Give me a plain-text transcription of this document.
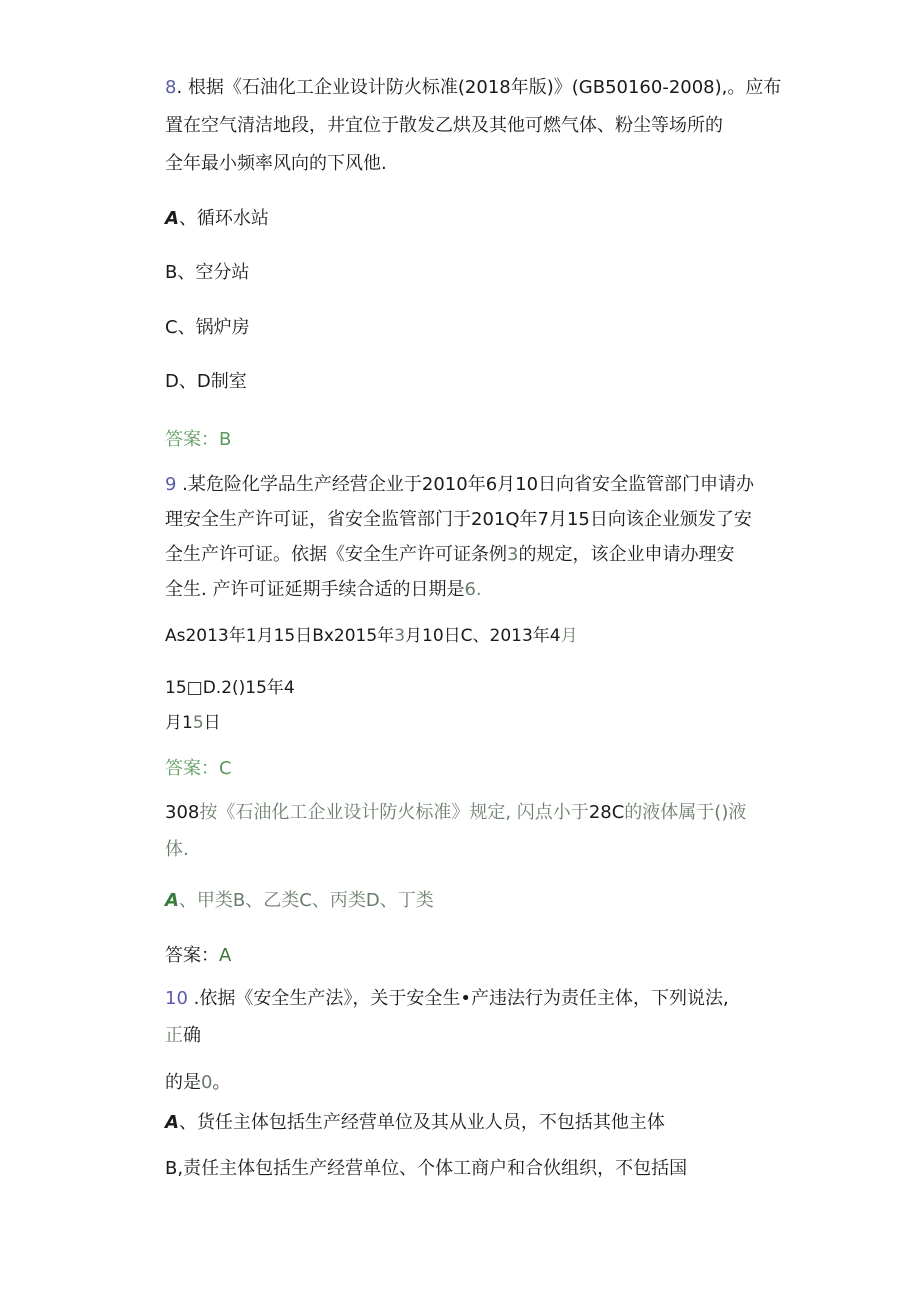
8. 根据《石油化工企业设计防火标准(2018年版)》(GB50160-2008),。应布
置在空气清洁地段，井宜位于散发乙烘及其他可燃气体、粉尘等场所的
全年最小频率风向的下风他.
A、循环水站
B、空分站
C、锅炉房
D、D制室
答案：B
9 .某危险化学品生产经营企业于2010年6月10日向省安全监管部门申请办
理安全生产许可证，省安全监管部门于201Q年7月15日向该企业颁发了安
全生产许可证。依据《安全生产许可证条例3的规定，该企业申请办理安
全生. 产许可证延期手续合适的日期是6.
As2013年1月15日Bx2015年3月10日C、2013年4月
15□D.2()15年4
月15日
答案：C
308按《石油化工企业设计防火标准》规定, 闪点小于28C的液体属于()液
体.
A、甲类B、乙类C、丙类D、丁类
答案：A
10 .依据《安全生产法》，关于安全生•产违法行为责任主体，下列说法,
正确
的是0。
A、货任主体包括生产经营单位及其从业人员，不包括其他主体
B,责任主体包括生产经营单位、个体工商户和合伙组织，不包括国
